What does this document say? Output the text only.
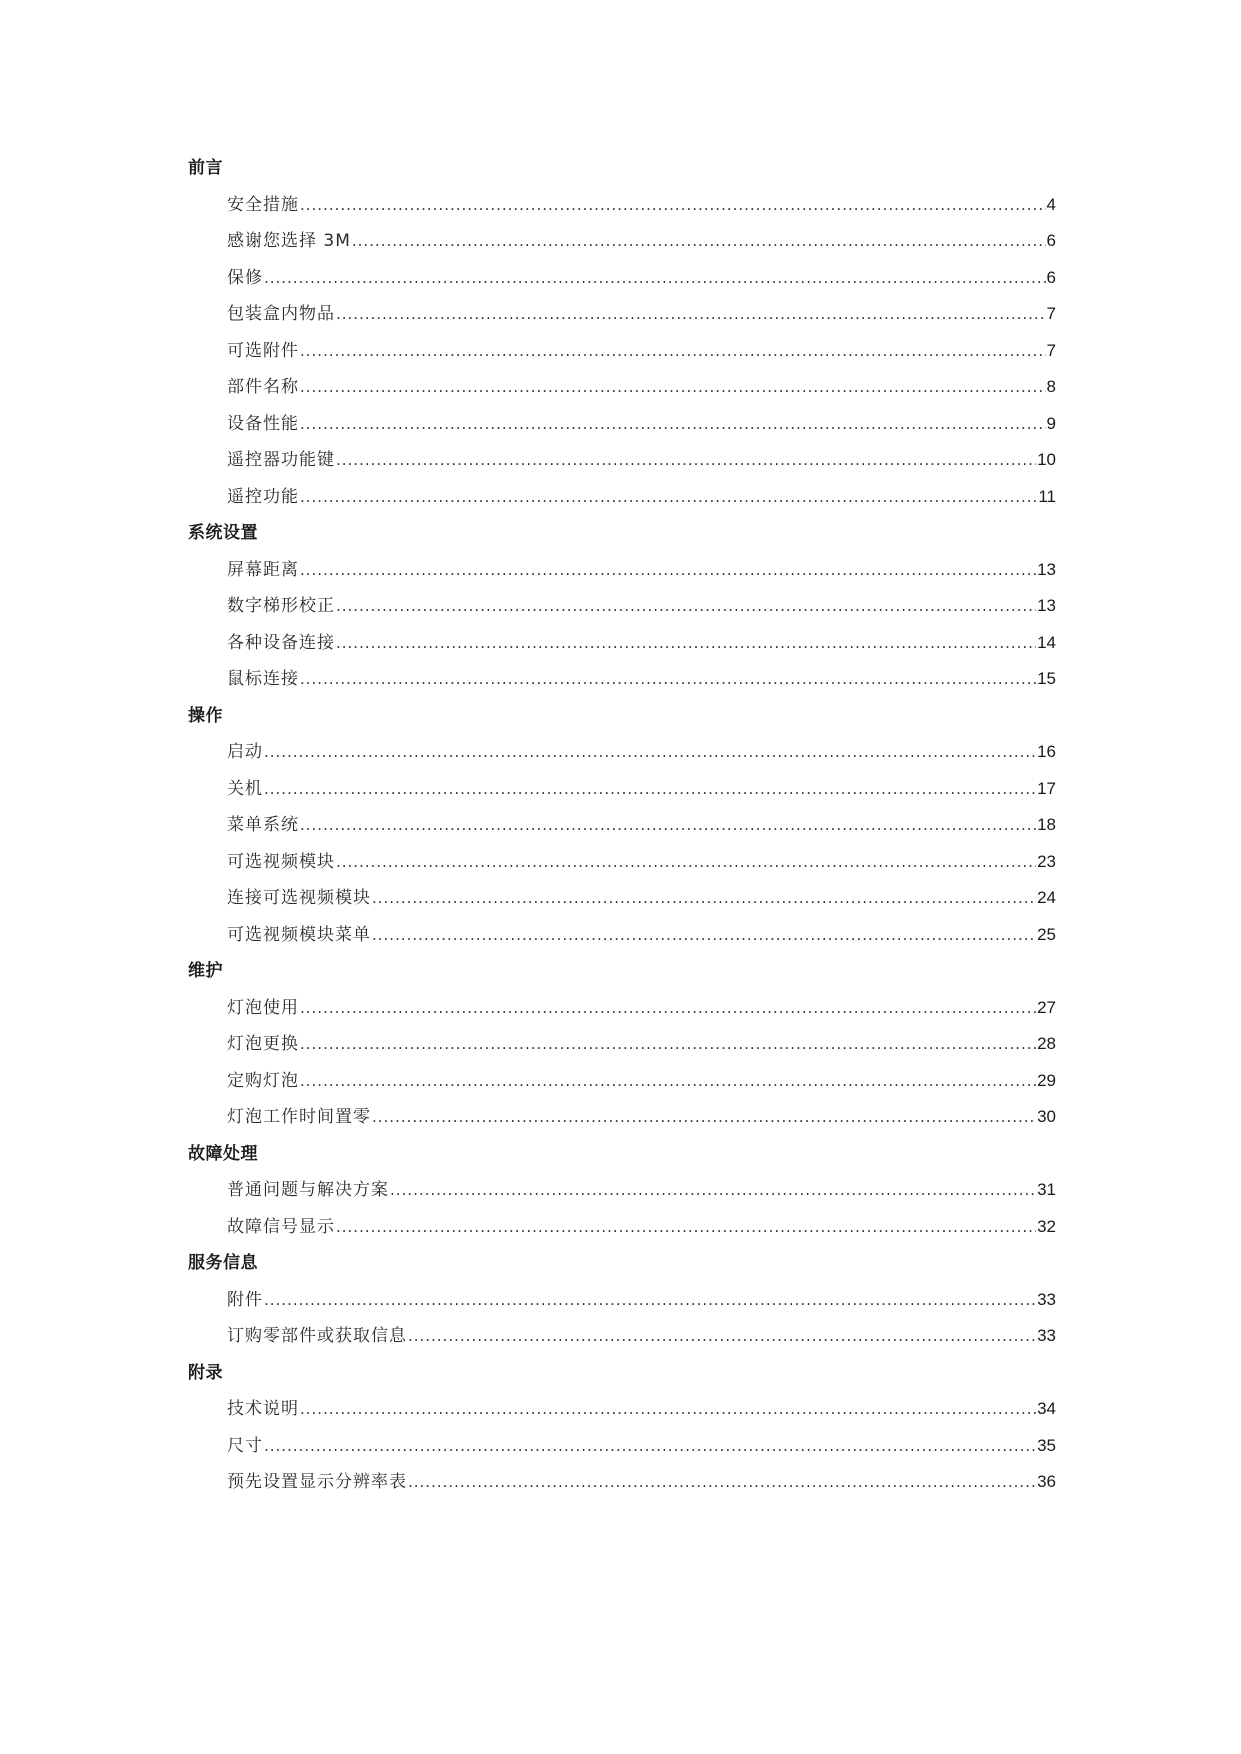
前言
安全措施 .....	4
感谢您选择 3M .....	6
保修 .....	6
包装盒内物品 .....	7
可选附件 .....	7
部件名称 .....	8
设备性能 .....	9
遥控器功能键 .....	10
遥控功能 .....	11
系统设置
屏幕距离 .....	13
数字梯形校正 .....	13
各种设备连接 .....	14
鼠标连接 .....	15
操作
启动 .....	16
关机 .....	17
菜单系统 .....	18
可选视频模块 .....	23
连接可选视频模块 .....	24
可选视频模块菜单 .....	25
维护
灯泡使用 .....	27
灯泡更换 .....	28
定购灯泡 .....	29
灯泡工作时间置零 .....	30
故障处理
普通问题与解决方案 .....	31
故障信号显示 .....	32
服务信息
附件 .....	33
订购零部件或获取信息 .....	33
附录
技术说明 .....	34
尺寸 .....	35
预先设置显示分辨率表 .....	36
